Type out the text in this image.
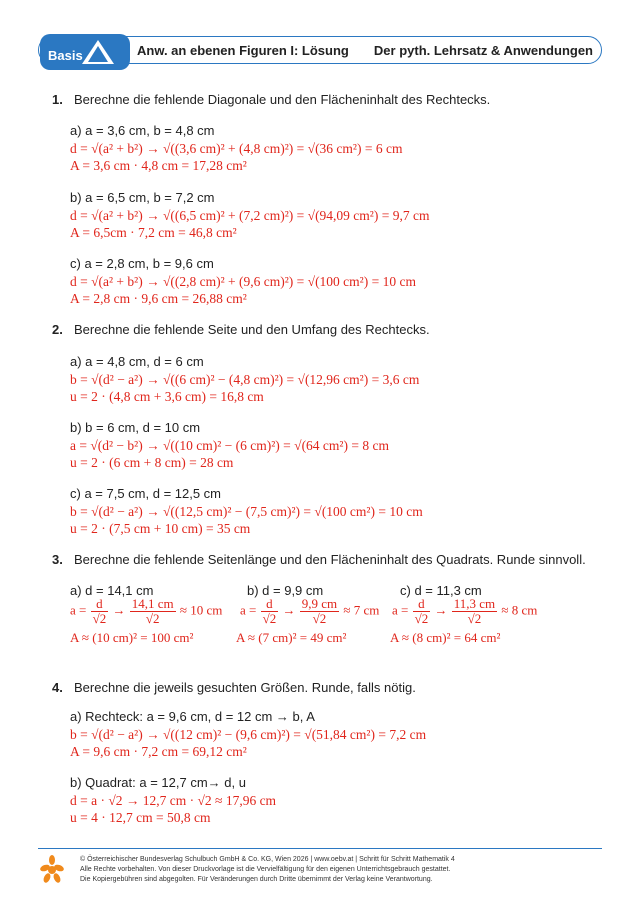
Basis	Anw. an ebenen Figuren I: Lösung Der pyth. Lehrsatz & Anwendungen
1. Berechne die fehlende Diagonale und den Flächeninhalt des Rechtecks.
a) a = 3,6 cm, b = 4,8 cm
d = √(a² + b²) → √((3,6 cm)² + (4,8 cm)²) = √(36 cm²) = 6 cm
A = 3,6 cm · 4,8 cm = 17,28 cm²
b) a = 6,5 cm, b = 7,2 cm
d = √(a² + b²) → √((6,5 cm)² + (7,2 cm)²) = √(94,09 cm²) = 9,7 cm
A = 6,5cm · 7,2 cm = 46,8 cm²
c) a = 2,8 cm, b = 9,6 cm
d = √(a² + b²) → √((2,8 cm)² + (9,6 cm)²) = √(100 cm²) = 10 cm
A = 2,8 cm · 9,6 cm = 26,88 cm²
2. Berechne die fehlende Seite und den Umfang des Rechtecks.
a) a = 4,8 cm, d = 6 cm
b = √(d² − a²) → √((6 cm)² − (4,8 cm)²) = √(12,96 cm²) = 3,6 cm
u = 2 · (4,8 cm + 3,6 cm) = 16,8 cm
b) b = 6 cm, d = 10 cm
a = √(d² − b²) → √((10 cm)² − (6 cm)²) = √(64 cm²) = 8 cm
u = 2 · (6 cm + 8 cm) = 28 cm
c) a = 7,5 cm, d = 12,5 cm
b = √(d² − a²) → √((12,5 cm)² − (7,5 cm)²) = √(100 cm²) = 10 cm
u = 2 · (7,5 cm + 10 cm) = 35 cm
3. Berechne die fehlende Seitenlänge und den Flächeninhalt des Quadrats. Runde sinnvoll.
a) d = 14,1 cm
$a = \frac{d}{√2} \to \frac{14,1 cm}{√2} \approx 10$ cm
A ≈ (10 cm)² = 100 cm²
b) d = 9,9 cm
$a = \frac{d}{√2} \to \frac{9,9 cm}{√2} \approx 7$ cm
A ≈ (7 cm)² = 49 cm²
c) d = 11,3 cm
$a = \frac{d}{√2} \to \frac{11,3 cm}{√2} \approx 8$ cm
A ≈ (8 cm)² = 64 cm²
4. Berechne die jeweils gesuchten Größen. Runde, falls nötig.
a) Rechteck: a = 9,6 cm, d = 12 cm → b, A
b = √(d² − a²) → √((12 cm)² − (9,6 cm)²) = √(51,84 cm²) = 7,2 cm
A = 9,6 cm · 7,2 cm = 69,12 cm²
b) Quadrat: a = 12,7 cm→ d, u
d = a · √2 → 12,7 cm · √2 ≈ 17,96 cm
u = 4 · 12,7 cm = 50,8 cm
© Österreichischer Bundesverlag Schulbuch GmbH & Co. KG, Wien 2026 | www.oebv.at | Schritt für Schritt Mathematik 4
Alle Rechte vorbehalten. Von dieser Druckvorlage ist die Vervielfältigung für den eigenen Unterrichtsgebrauch gestattet.
Die Kopiergebühren sind abgegolten. Für Veränderungen durch Dritte übernimmt der Verlag keine Verantwortung.
